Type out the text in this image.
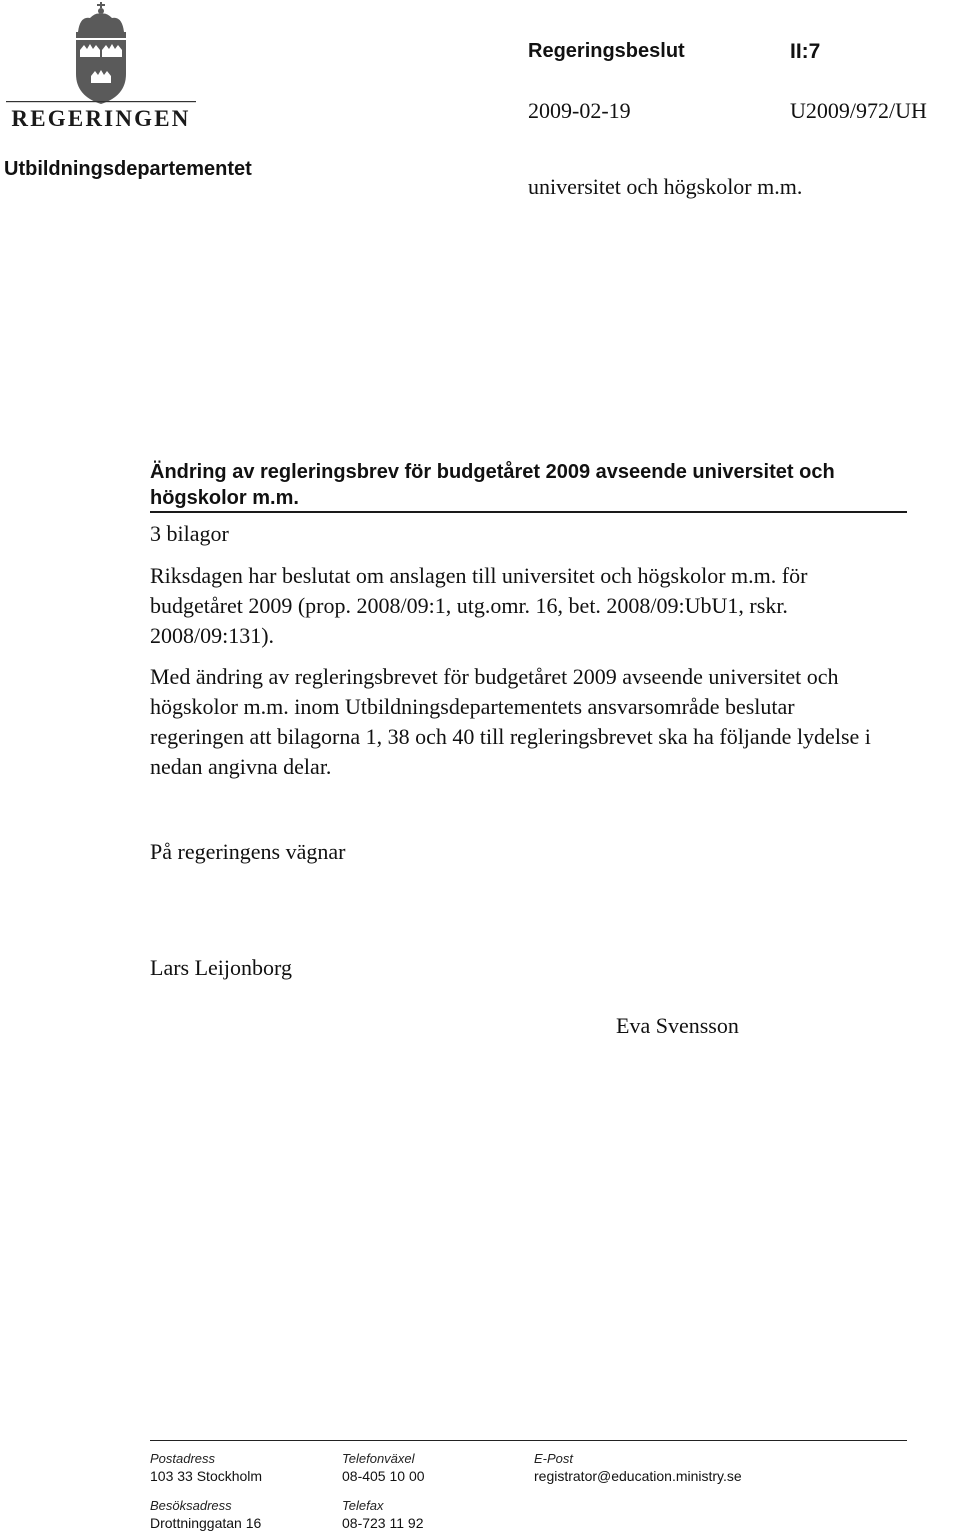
REGERINGEN
Utbildningsdepartementet
Regeringsbeslut	II:7
2009-02-19	U2009/972/UH
universitet och högskolor m.m.
Ändring av regleringsbrev för budgetåret 2009 avseende universitet och högskolor m.m.
3 bilagor
Riksdagen har beslutat om anslagen till universitet och högskolor m.m. för budgetåret 2009 (prop. 2008/09:1, utg.omr. 16, bet. 2008/09:UbU1, rskr. 2008/09:131).
Med ändring av regleringsbrevet för budgetåret 2009 avseende universitet och högskolor m.m. inom Utbildningsdepartementets ansvarsområde beslutar regeringen att bilagorna 1, 38 och 40 till regleringsbrevet ska ha följande lydelse i nedan angivna delar.
På regeringens vägnar
Lars Leijonborg
Eva Svensson
Postadress
103 33 Stockholm
Telefonväxel
08-405 10 00
E-Post
registrator@education.ministry.se
Besöksadress
Drottninggatan 16
Telefax
08-723 11 92
